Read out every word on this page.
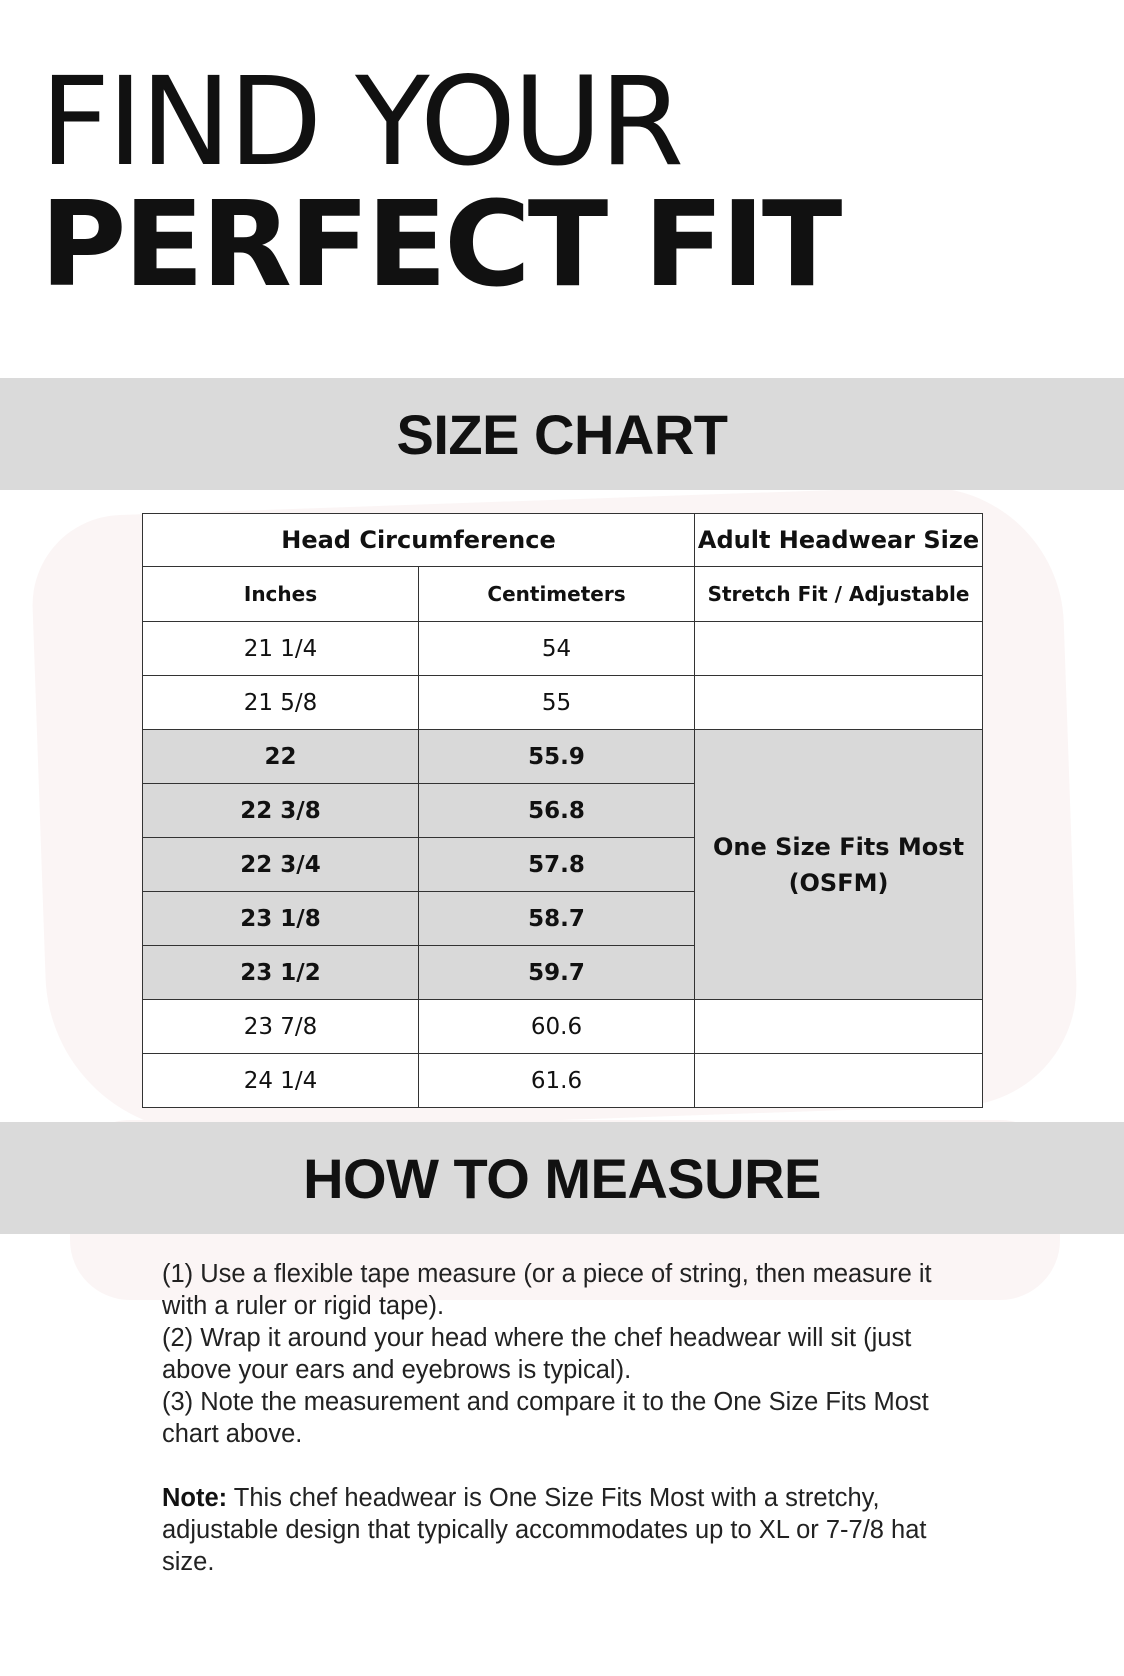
FIND YOUR
PERFECT FIT
SIZE CHART
Head Circumference		Adult Headwear Size
Inches	Centimeters	Stretch Fit / Adjustable
21 1/4	54	
21 5/8	55	
22	55.9	One Size Fits Most
(OSFM)
22 3/8	56.8	
22 3/4	57.8	
23 1/8	58.7	
23 1/2	59.7	
23 7/8	60.6	
24 1/4	61.6	
HOW TO MEASURE

(1) Use a flexible tape measure (or a piece of string, then measure it with a ruler or rigid tape).

(2) Wrap it around your head where the chef headwear will sit (just above your ears and eyebrows is typical).

(3) Note the measurement and compare it to the One Size Fits Most chart above.

Note: This chef headwear is One Size Fits Most with a stretchy, adjustable design that typically accommodates up to XL or 7-7/8 hat size.
